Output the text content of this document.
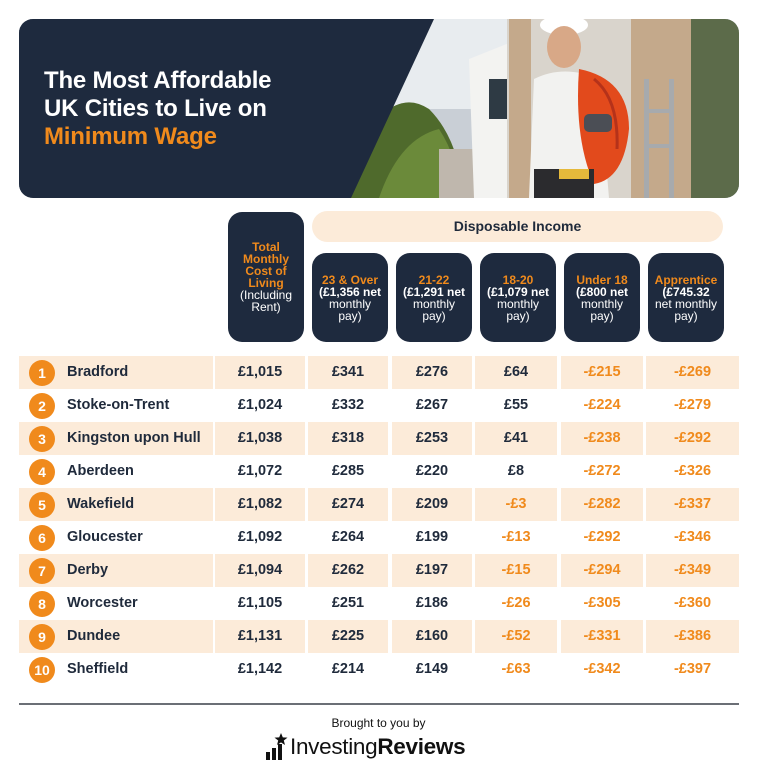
The Most Affordable
UK Cities to Live on
Minimum Wage
Total
Monthly
Cost of
Living
(Including
Rent)
Disposable Income
23 & Over
(£1,356 net
monthly
pay)
21-22
(£1,291 net
monthly
pay)
18-20
(£1,079 net
monthly
pay)
Under 18
(£800 net
monthly
pay)
Apprentice
(£745.32
net monthly
pay)
1	Bradford	£1,015	£341	£276	£64	-£215	-£269
2	Stoke-on-Trent	£1,024	£332	£267	£55	-£224	-£279
3	Kingston upon Hull	£1,038	£318	£253	£41	-£238	-£292
4	Aberdeen	£1,072	£285	£220	£8	-£272	-£326
5	Wakefield	£1,082	£274	£209	-£3	-£282	-£337
6	Gloucester	£1,092	£264	£199	-£13	-£292	-£346
7	Derby	£1,094	£262	£197	-£15	-£294	-£349
8	Worcester	£1,105	£251	£186	-£26	-£305	-£360
9	Dundee	£1,131	£225	£160	-£52	-£331	-£386
10	Sheffield	£1,142	£214	£149	-£63	-£342	-£397
Brought to you by
InvestingReviews
